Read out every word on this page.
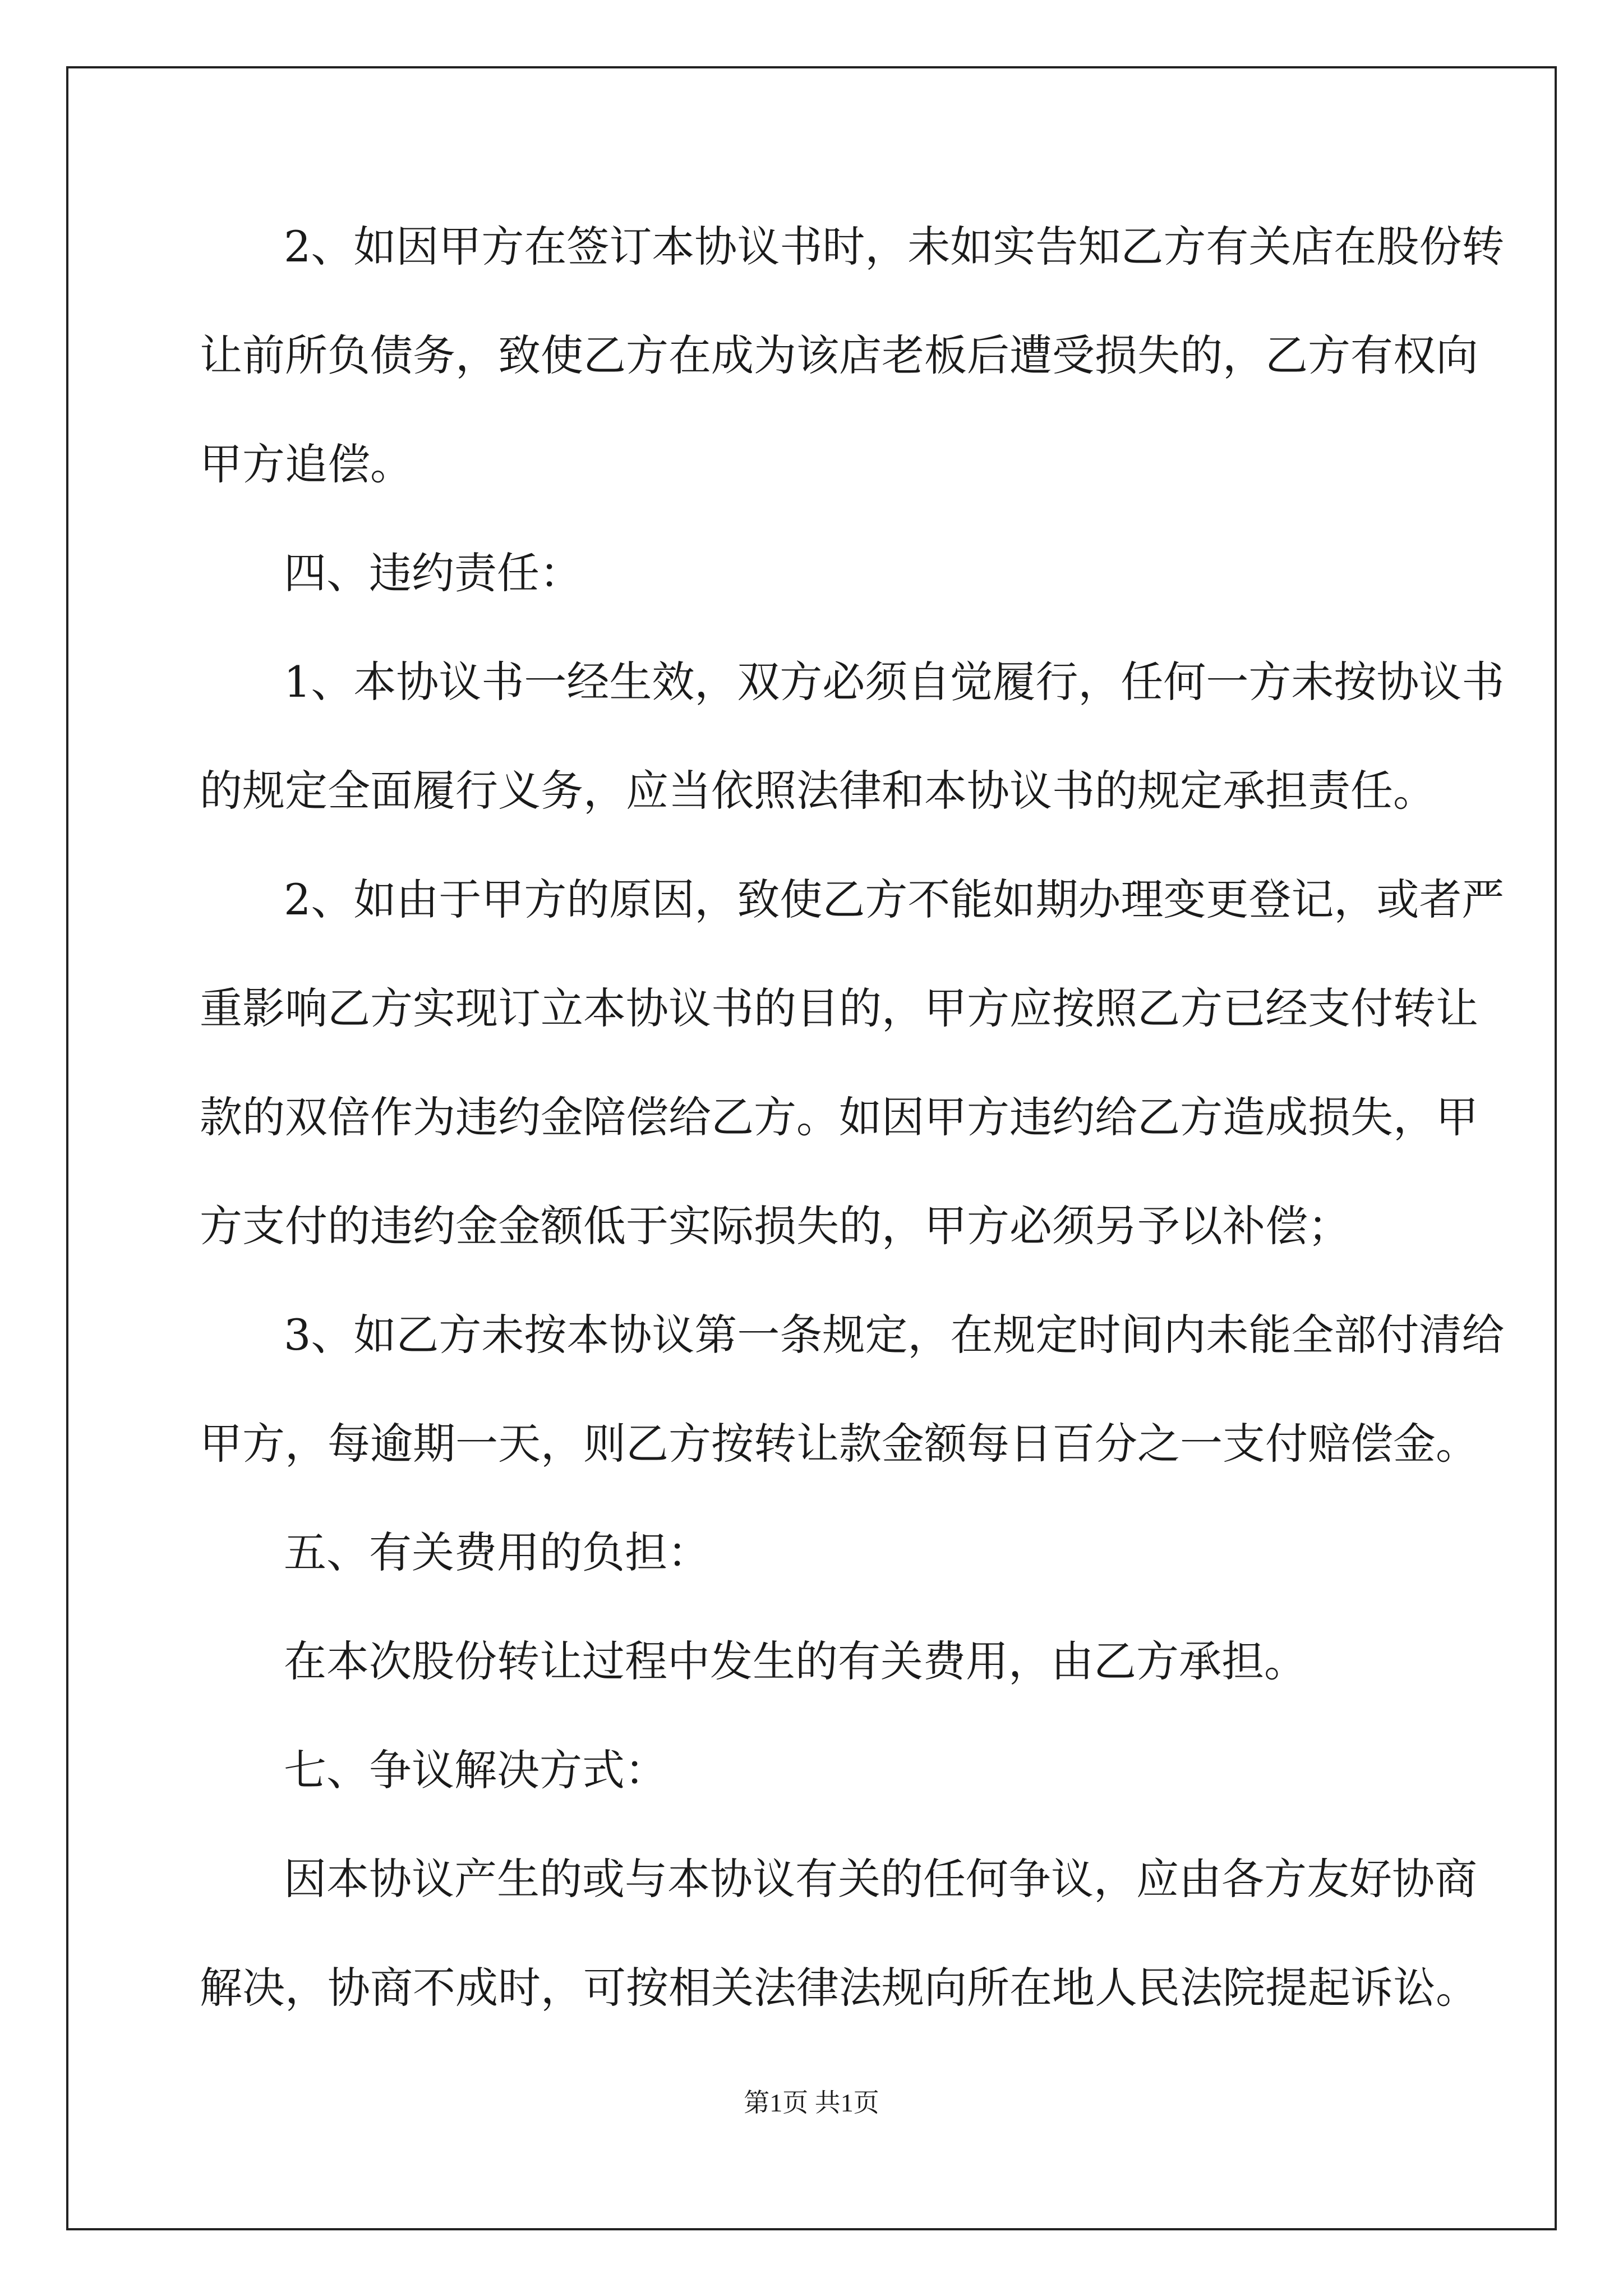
2、如因甲方在签订本协议书时，未如实告知乙方有关店在股份转
让前所负债务，致使乙方在成为该店老板后遭受损失的，乙方有权向
甲方追偿。
四、违约责任：
1、本协议书一经生效，双方必须自觉履行，任何一方未按协议书
的规定全面履行义务，应当依照法律和本协议书的规定承担责任。
2、如由于甲方的原因，致使乙方不能如期办理变更登记，或者严
重影响乙方实现订立本协议书的目的，甲方应按照乙方已经支付转让
款的双倍作为违约金陪偿给乙方。如因甲方违约给乙方造成损失，甲
方支付的违约金金额低于实际损失的，甲方必须另予以补偿；
3、如乙方未按本协议第一条规定，在规定时间内未能全部付清给
甲方，每逾期一天，则乙方按转让款金额每日百分之一支付赔偿金。
五、有关费用的负担：
在本次股份转让过程中发生的有关费用，由乙方承担。
七、争议解决方式：
因本协议产生的或与本协议有关的任何争议，应由各方友好协商
解决，协商不成时，可按相关法律法规向所在地人民法院提起诉讼。
第1页 共1页
